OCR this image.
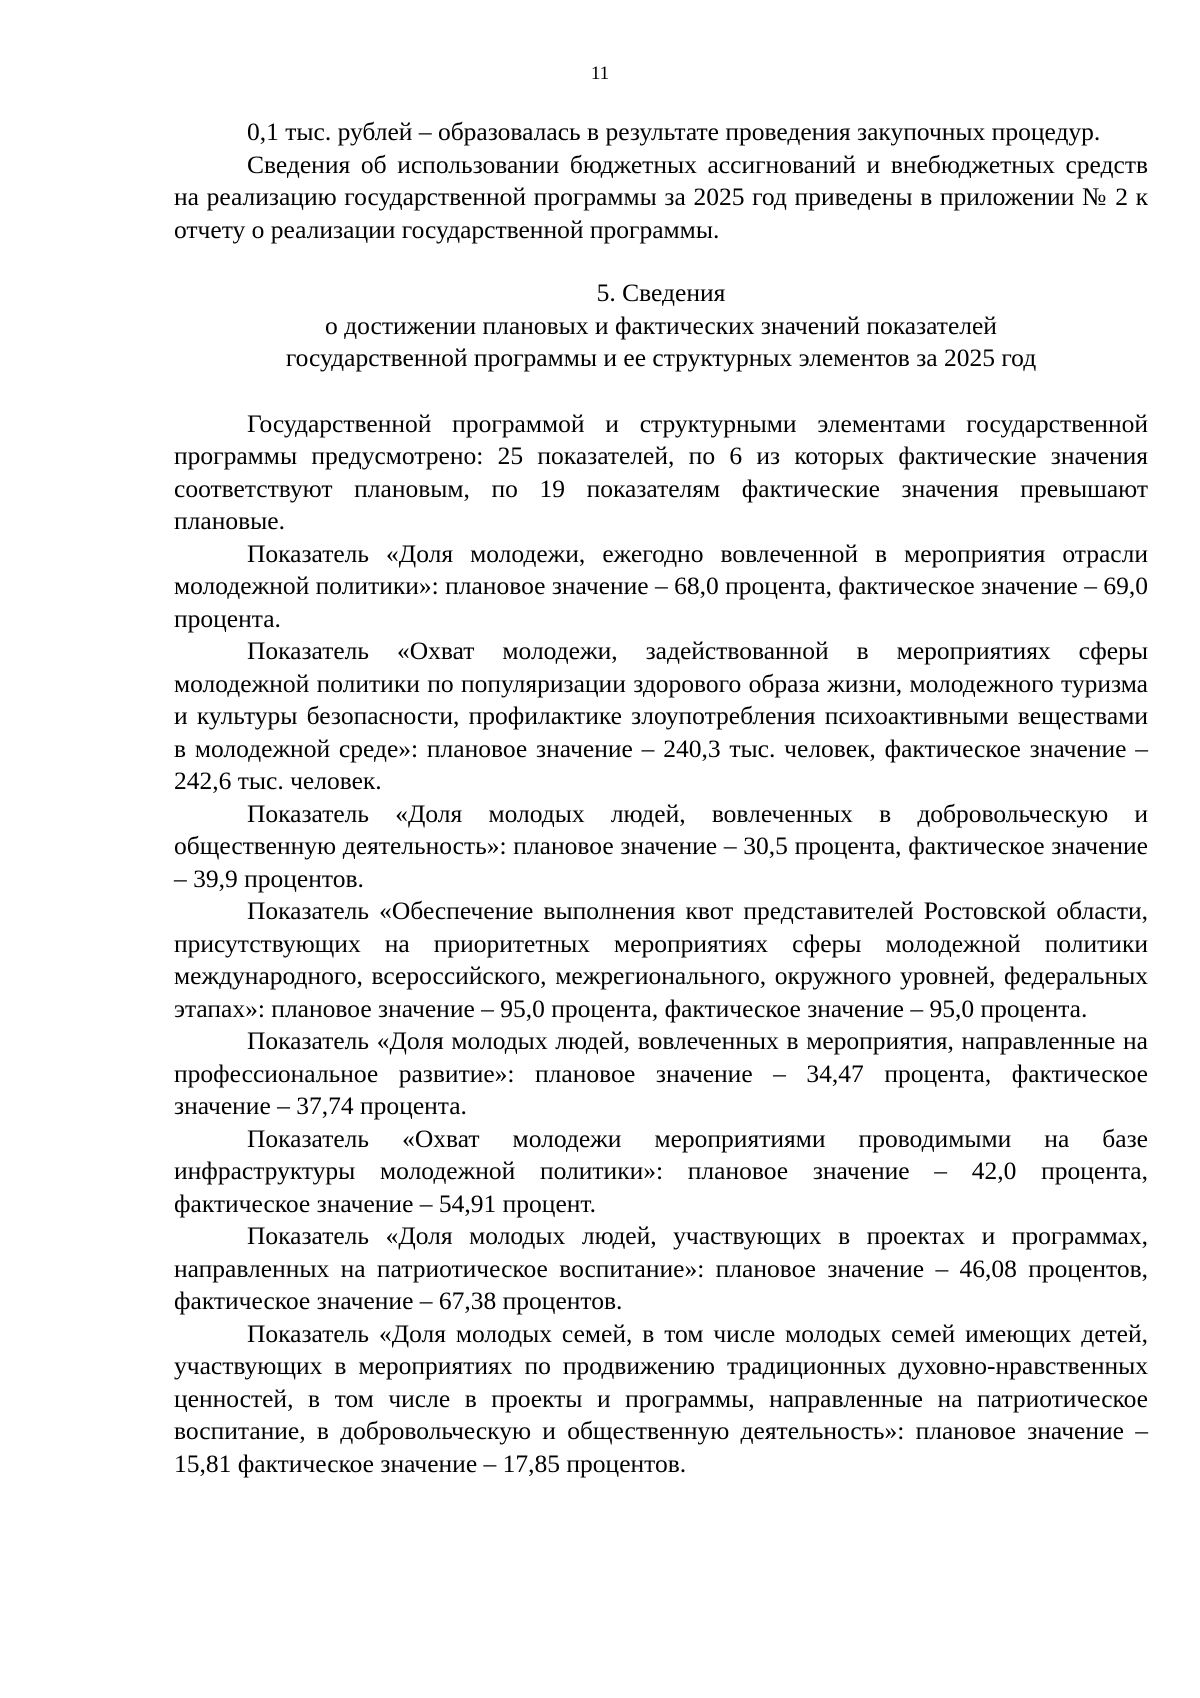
11

0,1 тыс. рублей – образовалась в результате проведения закупочных процедур.

Сведения об использовании бюджетных ассигнований и внебюджетных средств на реализацию государственной программы за 2025 год приведены в приложении № 2 к отчету о реализации государственной программы.

5. Сведения
о достижении плановых и фактических значений показателей
государственной программы и ее структурных элементов за 2025 год

Государственной программой и структурными элементами государственной программы предусмотрено: 25 показателей, по 6 из которых фактические значения соответствуют плановым, по 19 показателям фактические значения превышают плановые.

Показатель «Доля молодежи, ежегодно вовлеченной в мероприятия отрасли молодежной политики»: плановое значение – 68,0 процента, фактическое значение – 69,0 процента.

Показатель «Охват молодежи, задействованной в мероприятиях сферы молодежной политики по популяризации здорового образа жизни, молодежного туризма и культуры безопасности, профилактике злоупотребления психоактивными веществами в молодежной среде»: плановое значение – 240,3 тыс. человек, фактическое значение – 242,6 тыс. человек.

Показатель «Доля молодых людей, вовлеченных в добровольческую и общественную деятельность»: плановое значение – 30,5 процента, фактическое значение – 39,9 процентов.

Показатель «Обеспечение выполнения квот представителей Ростовской области, присутствующих на приоритетных мероприятиях сферы молодежной политики международного, всероссийского, межрегионального, окружного уровней, федеральных этапах»: плановое значение – 95,0 процента, фактическое значение – 95,0 процента.

Показатель «Доля молодых людей, вовлеченных в мероприятия, направленные на профессиональное развитие»: плановое значение – 34,47 процента, фактическое значение – 37,74 процента.

Показатель «Охват молодежи мероприятиями проводимыми на базе инфраструктуры молодежной политики»: плановое значение – 42,0 процента, фактическое значение – 54,91 процент.

Показатель «Доля молодых людей, участвующих в проектах и программах, направленных на патриотическое воспитание»: плановое значение – 46,08 процентов, фактическое значение – 67,38 процентов.

Показатель «Доля молодых семей, в том числе молодых семей имеющих детей, участвующих в мероприятиях по продвижению традиционных духовно-нравственных ценностей, в том числе в проекты и программы, направленные на патриотическое воспитание, в добровольческую и общественную деятельность»: плановое значение – 15,81 фактическое значение – 17,85 процентов.
